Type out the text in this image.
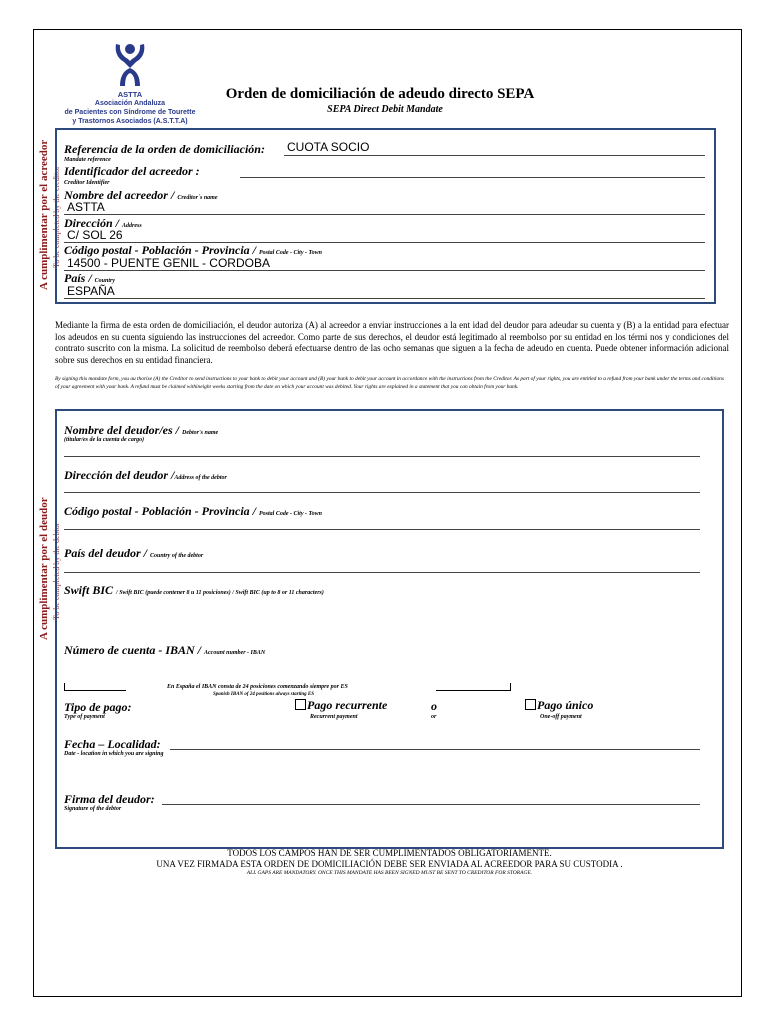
ASTTA
Asociación Andaluza
de Pacientes con Síndrome de Tourette
y Trastornos Asociados (A.S.T.T.A)
Orden de domiciliación de adeudo directo SEPA
SEPA Direct Debit Mandate
A cumplimentar por el acreedor To be completed by the creditor
Referencia de la orden de domiciliación: CUOTA SOCIO
Mandate reference
Identificador del acreedor :
Creditor Identifier
Nombre del acreedor / Creditor´s name
ASTTA
Dirección / Address
C/ SOL 26
Código postal - Población - Provincia / Postal Code - City - Town
14500 - PUENTE GENIL - CORDOBA
País / Country
ESPAÑA
Mediante la firma de esta orden de domiciliación, el deudor autoriza (A) al acreedor a enviar instrucciones a la ent idad del deudor para adeudar su cuenta y (B) a la entidad para efectuar los adeudos en su cuenta siguiendo las instrucciones del acreedor. Como parte de sus derechos, el deudor está legitimado al reembolso por su entidad en los térmi nos y condiciones del contrato suscrito con la misma. La solicitud de reembolso deberá efectuarse dentro de las ocho semanas que siguen a la fecha de adeudo en cuenta. Puede obtener información adicional sobre sus derechos en su entidad financiera.
By signing this mandate form, you au thorise (A) the Creditor to send instructions to your bank to debit your account and (B) your bank to debit your account in accordance with the instructions from the Creditor. As part of your rights, you are entitled to a refund from your bank under the terms and conditions of your agreement with your bank. A refund must be claimed withineight weeks starting from the date on which your account was debited. Your rights are explained in a statement that you can obtain from your bank.
A cumplimentar por el deudor To be completed by the debtor
Nombre del deudor/es / Debtor's name
(titular/es de la cuenta de cargo)
Dirección del deudor /Address of the debtor
Código postal - Población - Provincia / Postal Code - City - Town
País del deudor / Country of the debtor
Swift BIC / Swift BIC (puede contener 8 u 11 posiciones) / Swift BIC (up to 8 or 11 characters)
Número de cuenta - IBAN / Account number - IBAN
En España el IBAN consta de 24 posiciones comenzando siempre por ES
Spanish IBAN of 24 positions always starting ES
Tipo de pago:
Type of payment
Pago recurrente
Recurrent payment
o
or
Pago único
One-off payment
Fecha – Localidad:
Date - location in which you are signing
Firma del deudor:
Signature of the debtor
TODOS LOS CAMPOS HAN DE SER CUMPLIMENTADOS OBLIGATORIAMENTE.
UNA VEZ FIRMADA ESTA ORDEN DE DOMICILIACIÓN DEBE SER ENVIADA AL ACREEDOR PARA SU CUSTODIA .
ALL GAPS ARE MANDATORY. ONCE THIS MANDATE HAS BEEN SIGNED MUST BE SENT TO CREDITOR FOR STORAGE.
